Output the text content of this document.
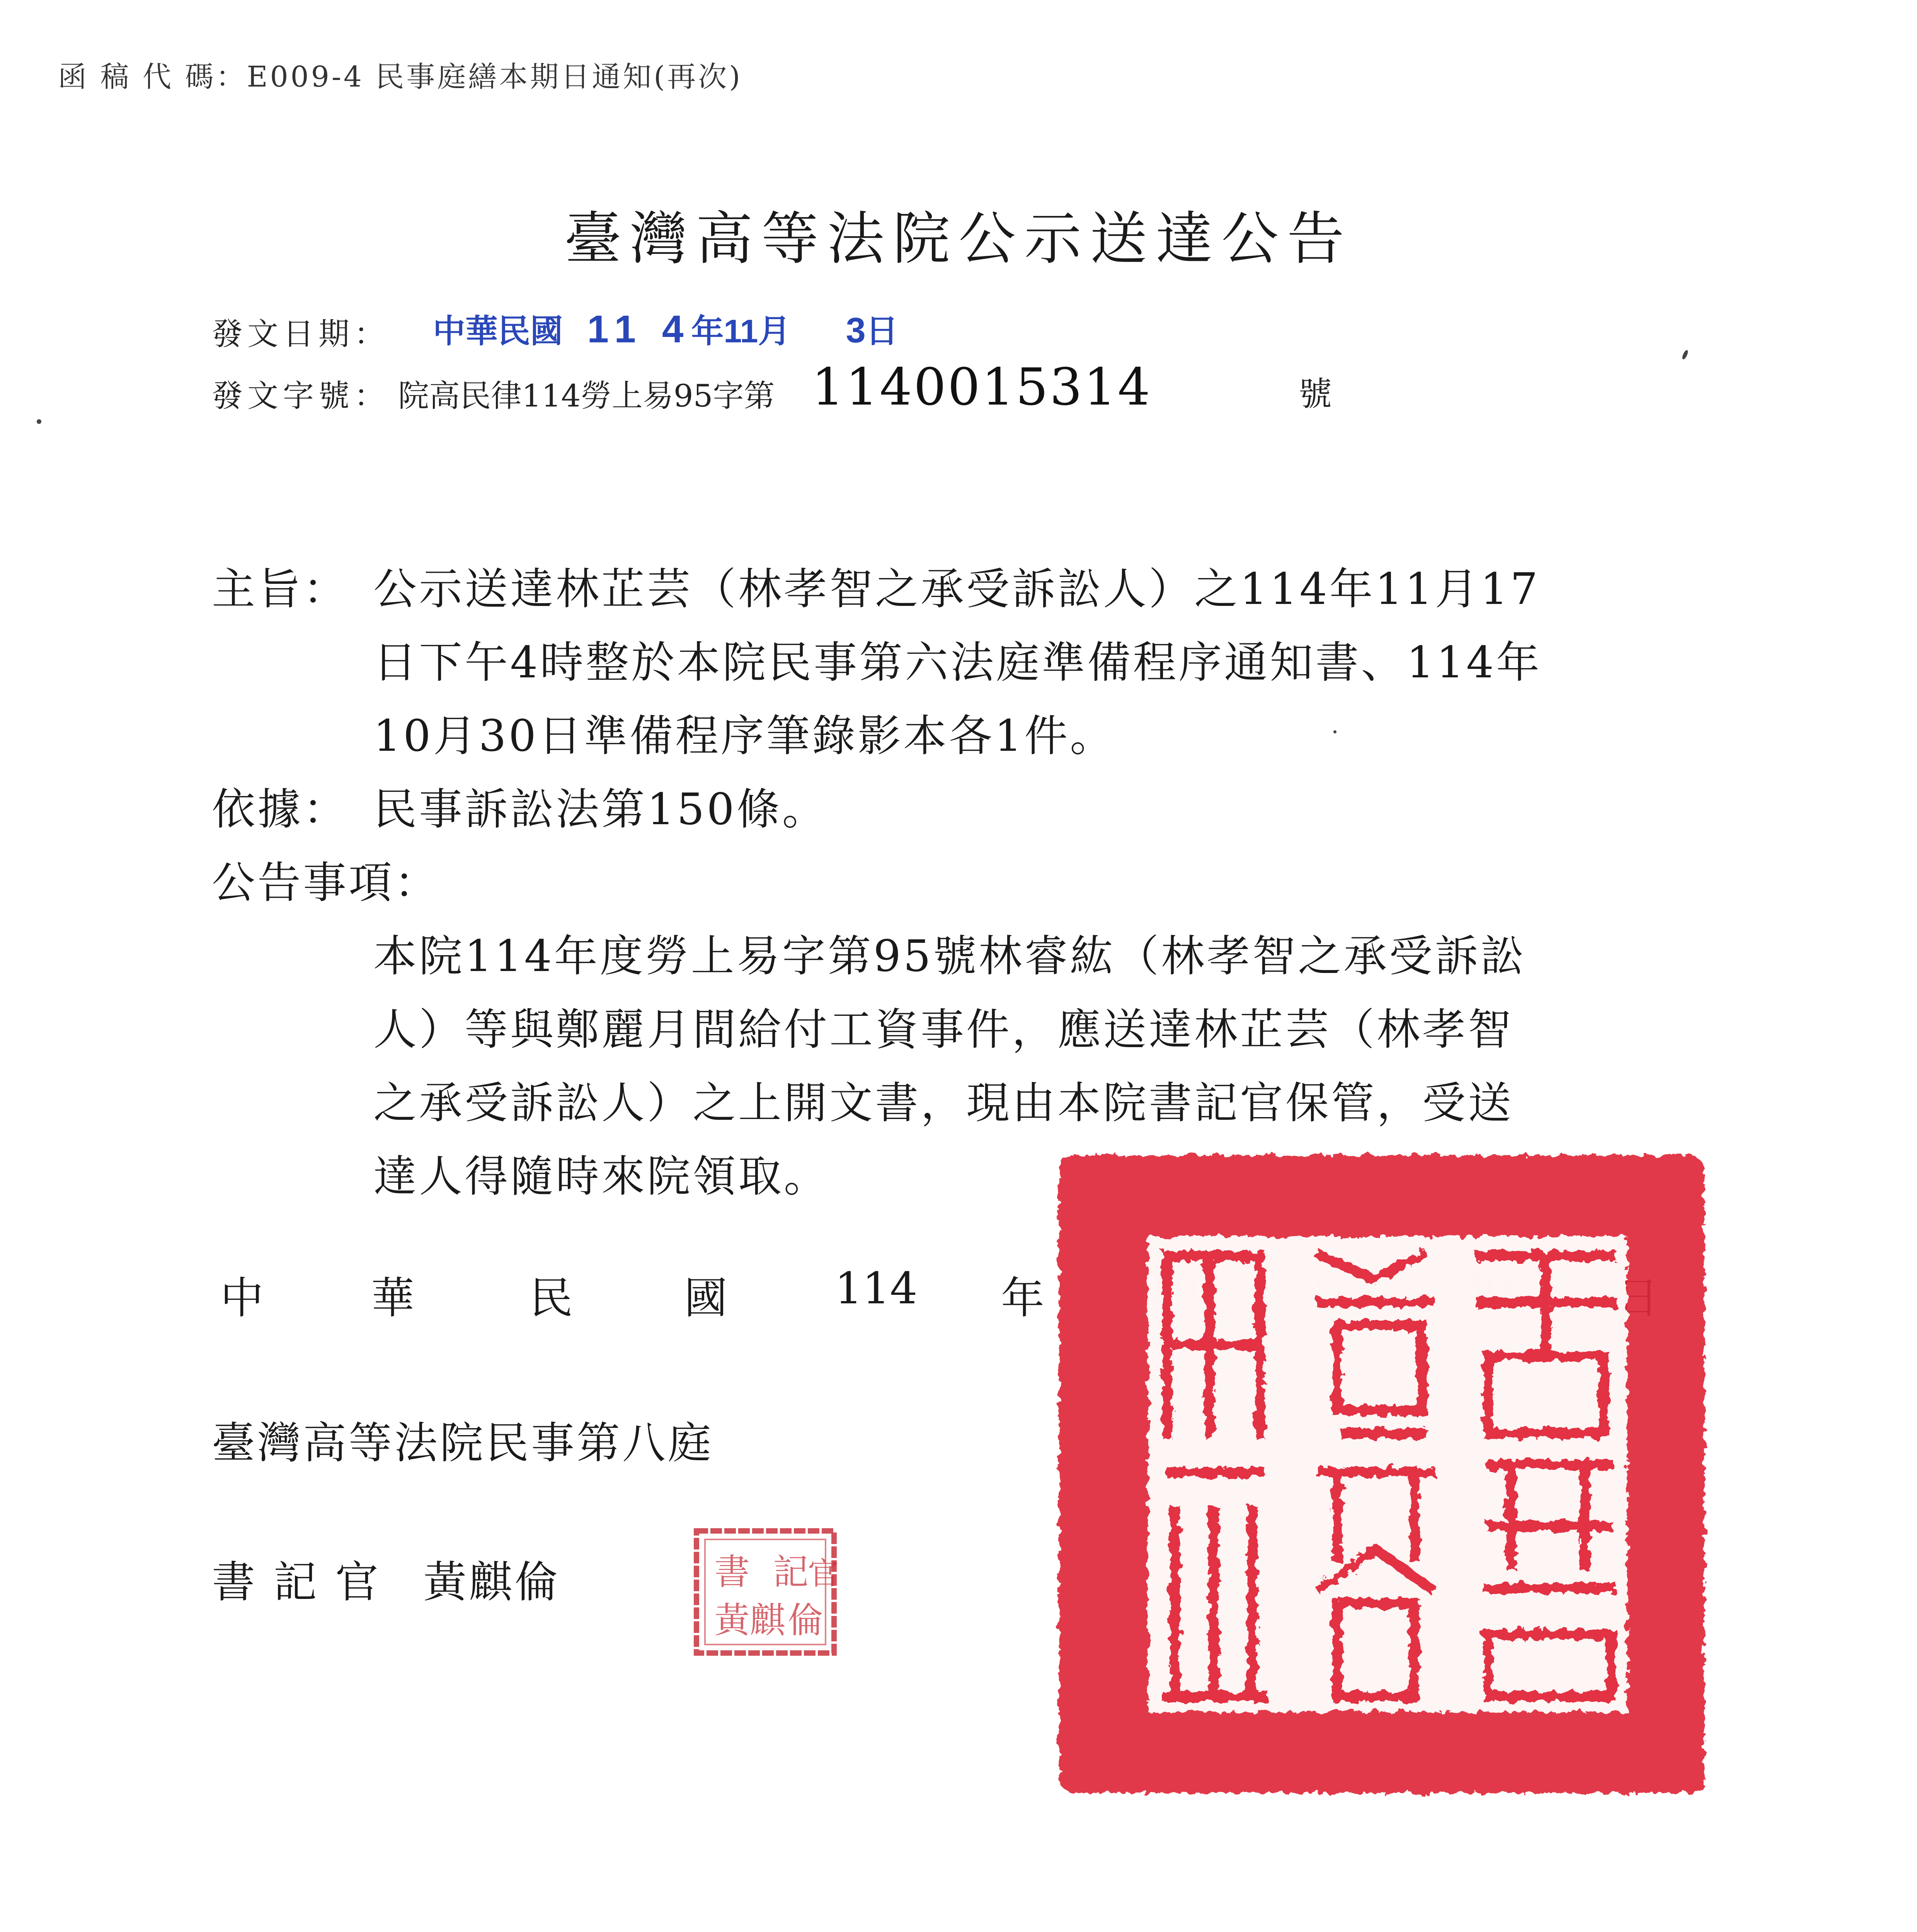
函 稿 代 碼：E009-4 民事庭繕本期日通知(再次)
臺灣高等法院公示送達公告
發文日期： 中華民國 11 4年11月 3日
發文字號： 院高民律114勞上易95字第 1140015314	號
主旨： 公示送達林芷芸（林孝智之承受訴訟人）之114年11月17
日下午4時整於本院民事第六法庭準備程序通知書、114年
10月30日準備程序筆錄影本各1件。
依據： 民事訴訟法第150條。
公告事項：
本院114年度勞上易字第95號林睿紘（林孝智之承受訴訟
人）等與鄭麗月間給付工資事件，應送達林芷芸（林孝智
之承受訴訟人）之上開文書，現由本院書記官保管，受送
達人得隨時來院領取。
中 華	民	國 114 年
臺灣高等法院民事第八庭
書 記 官 黃麒倫	記
官
書
黃 麒 倫
